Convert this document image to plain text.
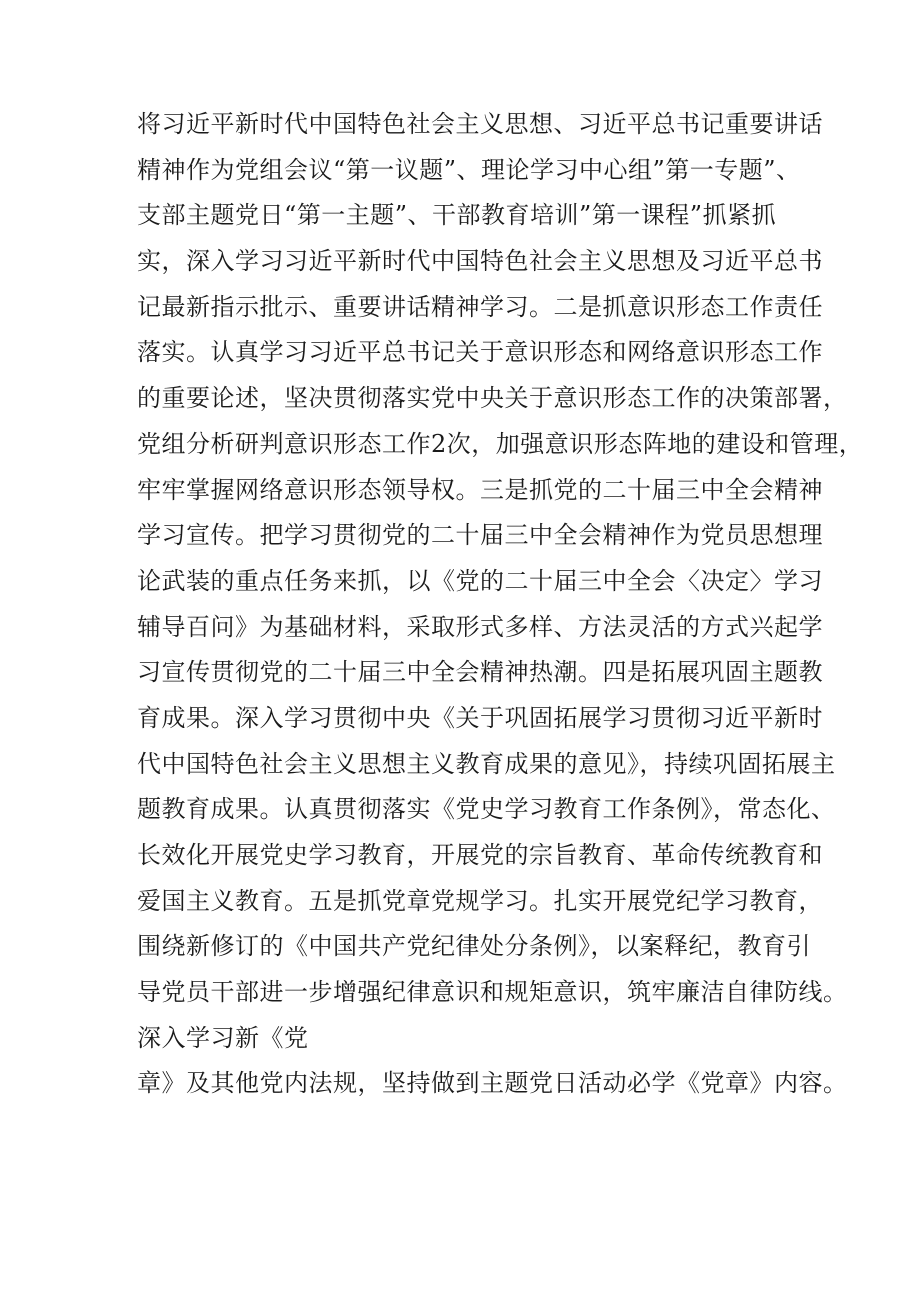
将习近平新时代中国特色社会主义思想、习近平总书记重要讲话
精神作为党组会议“第一议题”、理论学习中心组”第一专题”、
支部主题党日“第一主题”、干部教育培训”第一课程”抓紧抓
实，深入学习习近平新时代中国特色社会主义思想及习近平总书
记最新指示批示、重要讲话精神学习。二是抓意识形态工作责任
落实。认真学习习近平总书记关于意识形态和网络意识形态工作
的重要论述，坚决贯彻落实党中央关于意识形态工作的决策部署，
党组分析研判意识形态工作2次，加强意识形态阵地的建设和管理，
牢牢掌握网络意识形态领导权。三是抓党的二十届三中全会精神
学习宣传。把学习贯彻党的二十届三中全会精神作为党员思想理
论武装的重点任务来抓，以《党的二十届三中全会〈决定〉学习
辅导百问》为基础材料，采取形式多样、方法灵活的方式兴起学
习宣传贯彻党的二十届三中全会精神热潮。四是拓展巩固主题教
育成果。深入学习贯彻中央《关于巩固拓展学习贯彻习近平新时
代中国特色社会主义思想主义教育成果的意见》，持续巩固拓展主
题教育成果。认真贯彻落实《党史学习教育工作条例》，常态化、
长效化开展党史学习教育，开展党的宗旨教育、革命传统教育和
爱国主义教育。五是抓党章党规学习。扎实开展党纪学习教育，
围绕新修订的《中国共产党纪律处分条例》，以案释纪，教育引
导党员干部进一步增强纪律意识和规矩意识，筑牢廉洁自律防线。
深入学习新《党
章》及其他党内法规，坚持做到主题党日活动必学《党章》内容。
